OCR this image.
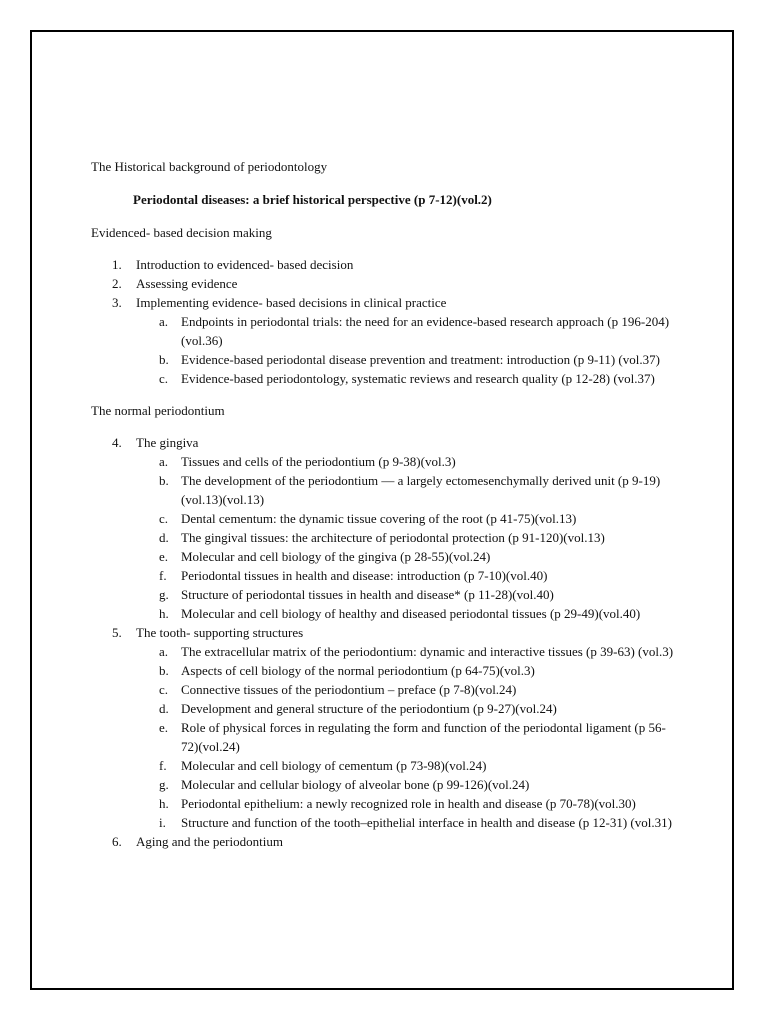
The Historical background of periodontology

Periodontal diseases: a brief historical perspective (p 7-12)(vol.2)

Evidenced- based decision making

1.	Introduction to evidenced- based decision
2.	Assessing evidence
3.	Implementing evidence- based decisions in clinical practice
a. Endpoints in periodontal trials: the need for an evidence-based research approach (p 196-204)(vol.36)
b. Evidence-based periodontal disease prevention and treatment: introduction (p 9-11) (vol.37)
c. Evidence-based periodontology, systematic reviews and research quality (p 12-28) (vol.37)

The normal periodontium

4.	The gingiva
a. Tissues and cells of the periodontium (p 9-38)(vol.3)
b. The development of the periodontium — a largely ectomesenchymally derived unit (p 9-19)(vol.13)(vol.13)
c. Dental cementum: the dynamic tissue covering of the root (p 41-75)(vol.13)
d. The gingival tissues: the architecture of periodontal protection (p 91-120)(vol.13)
e. Molecular and cell biology of the gingiva (p 28-55)(vol.24)
f.	Periodontal tissues in health and disease: introduction (p 7-10)(vol.40)
g. Structure of periodontal tissues in health and disease* (p 11-28)(vol.40)
h. Molecular and cell biology of healthy and diseased periodontal tissues (p 29-49)(vol.40)
5.	The tooth- supporting structures
a. The extracellular matrix of the periodontium: dynamic and interactive tissues (p 39-63) (vol.3)
b. Aspects of cell biology of the normal periodontium (p 64-75)(vol.3)
c. Connective tissues of the periodontium – preface (p 7-8)(vol.24)
d. Development and general structure of the periodontium (p 9-27)(vol.24)
e. Role of physical forces in regulating the form and function of the periodontal ligament (p 56-72)(vol.24)
f.	Molecular and cell biology of cementum (p 73-98)(vol.24)
g. Molecular and cellular biology of alveolar bone (p 99-126)(vol.24)
h. Periodontal epithelium: a newly recognized role in health and disease (p 70-78)(vol.30)
i.	Structure and function of the tooth–epithelial interface in health and disease (p 12-31) (vol.31)
6.	Aging and the periodontium
